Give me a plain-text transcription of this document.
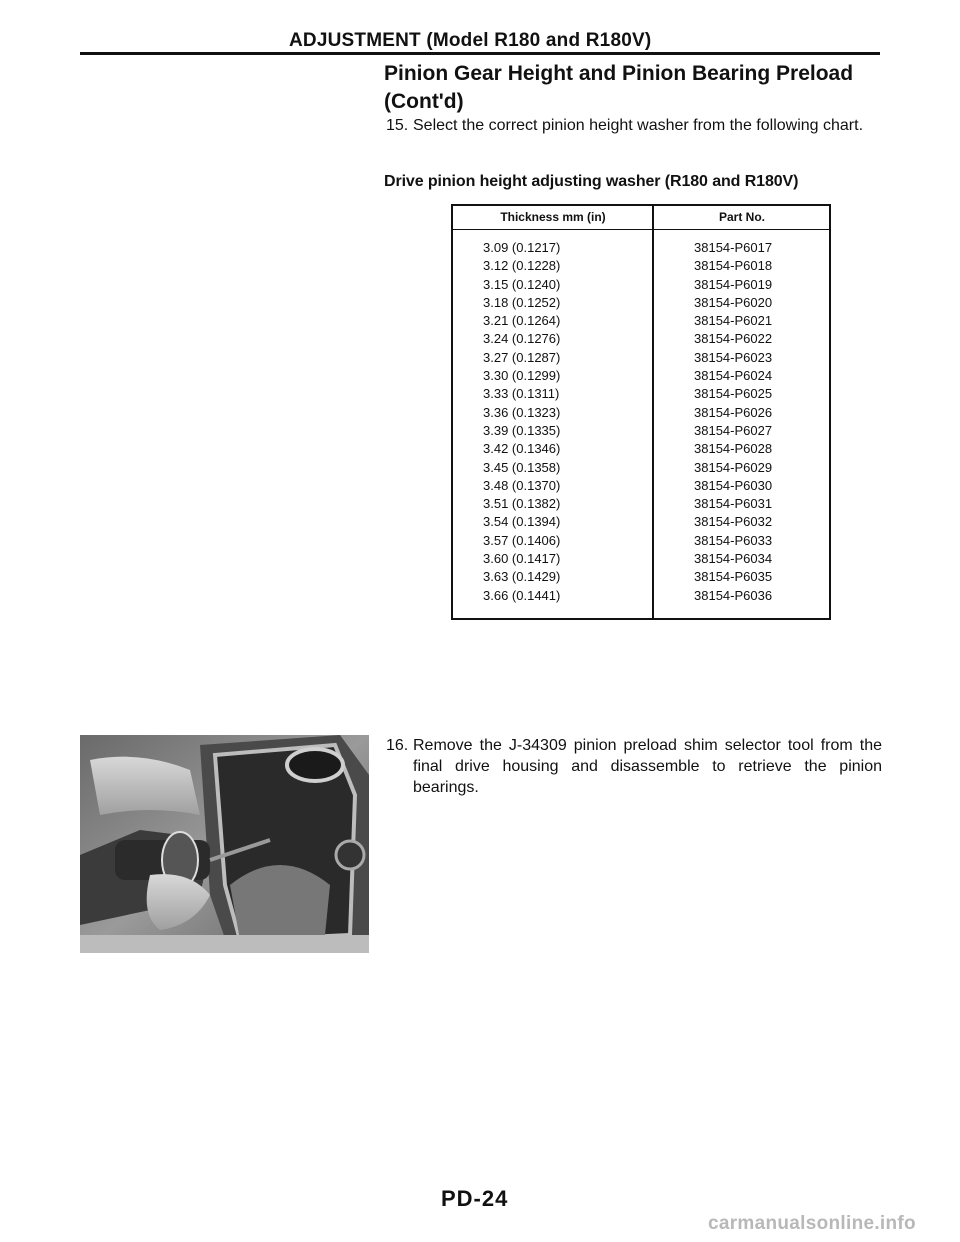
ADJUSTMENT (Model R180 and R180V)
Pinion Gear Height and Pinion Bearing Preload
(Cont'd)
15. Select the correct pinion height washer from the following chart.
Drive pinion height adjusting washer (R180 and R180V)
Thickness mm (in)	Part No.
3.09 (0.1217)	38154-P6017
3.12 (0.1228)	38154-P6018
3.15 (0.1240)	38154-P6019
3.18 (0.1252)	38154-P6020
3.21 (0.1264)	38154-P6021
3.24 (0.1276)	38154-P6022
3.27 (0.1287)	38154-P6023
3.30 (0.1299)	38154-P6024
3.33 (0.1311)	38154-P6025
3.36 (0.1323)	38154-P6026
3.39 (0.1335)	38154-P6027
3.42 (0.1346)	38154-P6028
3.45 (0.1358)	38154-P6029
3.48 (0.1370)	38154-P6030
3.51 (0.1382)	38154-P6031
3.54 (0.1394)	38154-P6032
3.57 (0.1406)	38154-P6033
3.60 (0.1417)	38154-P6034
3.63 (0.1429)	38154-P6035
3.66 (0.1441)	38154-P6036
16. Remove the J-34309 pinion preload shim selector tool from the final drive housing and disassemble to retrieve the pinion bearings.
PD-24
carmanualsonline.info
